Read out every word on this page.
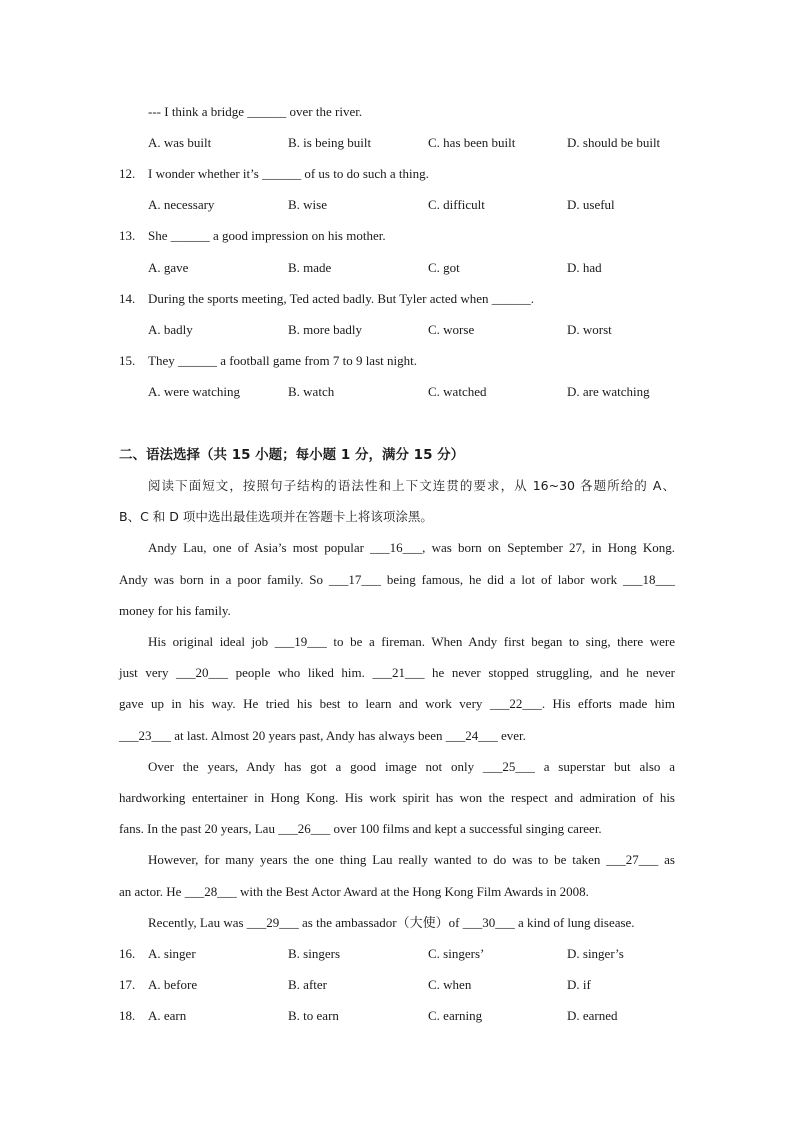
--- I think a bridge ______ over the river.
A. was built	B. is being built	C. has been built	D. should be built
12. I wonder whether it’s ______ of us to do such a thing.
A. necessary	B. wise	C. difficult	D. useful
13. She ______ a good impression on his mother.
A. gave	B. made	C. got	D. had
14. During the sports meeting, Ted acted badly. But Tyler acted when ______.
A. badly	B. more badly	C. worse	D. worst
15. They ______ a football game from 7 to 9 last night.
A. were watching	B. watch	C. watched	D. are watching
二、语法选择（共 15 小题；每小题 1 分，满分 15 分）
阅读下面短文，按照句子结构的语法性和上下文连贯的要求，从 16~30 各题所给的 A、
B、C 和 D 项中选出最佳选项并在答题卡上将该项涂黑。
Andy Lau, one of Asia’s most popular ___16___, was born on September 27, in Hong Kong.
Andy was born in a poor family. So ___17___ being famous, he did a lot of labor work ___18___
money for his family.
His original ideal job ___19___ to be a fireman. When Andy first began to sing, there were
just very ___20___ people who liked him. ___21___ he never stopped struggling, and he never
gave up in his way. He tried his best to learn and work very ___22___. His efforts made him
___23___ at last. Almost 20 years past, Andy has always been ___24___ ever.
Over the years, Andy has got a good image not only ___25___ a superstar but also a
hardworking entertainer in Hong Kong. His work spirit has won the respect and admiration of his
fans. In the past 20 years, Lau ___26___ over 100 films and kept a successful singing career.
However, for many years the one thing Lau really wanted to do was to be taken ___27___ as
an actor. He ___28___ with the Best Actor Award at the Hong Kong Film Awards in 2008.
Recently, Lau was ___29___ as the ambassador（大使）of ___30___ a kind of lung disease.
16. A. singer	B. singers	C. singers’	D. singer’s
17. A. before	B. after	C. when	D. if
18. A. earn	B. to earn	C. earning	D. earned
